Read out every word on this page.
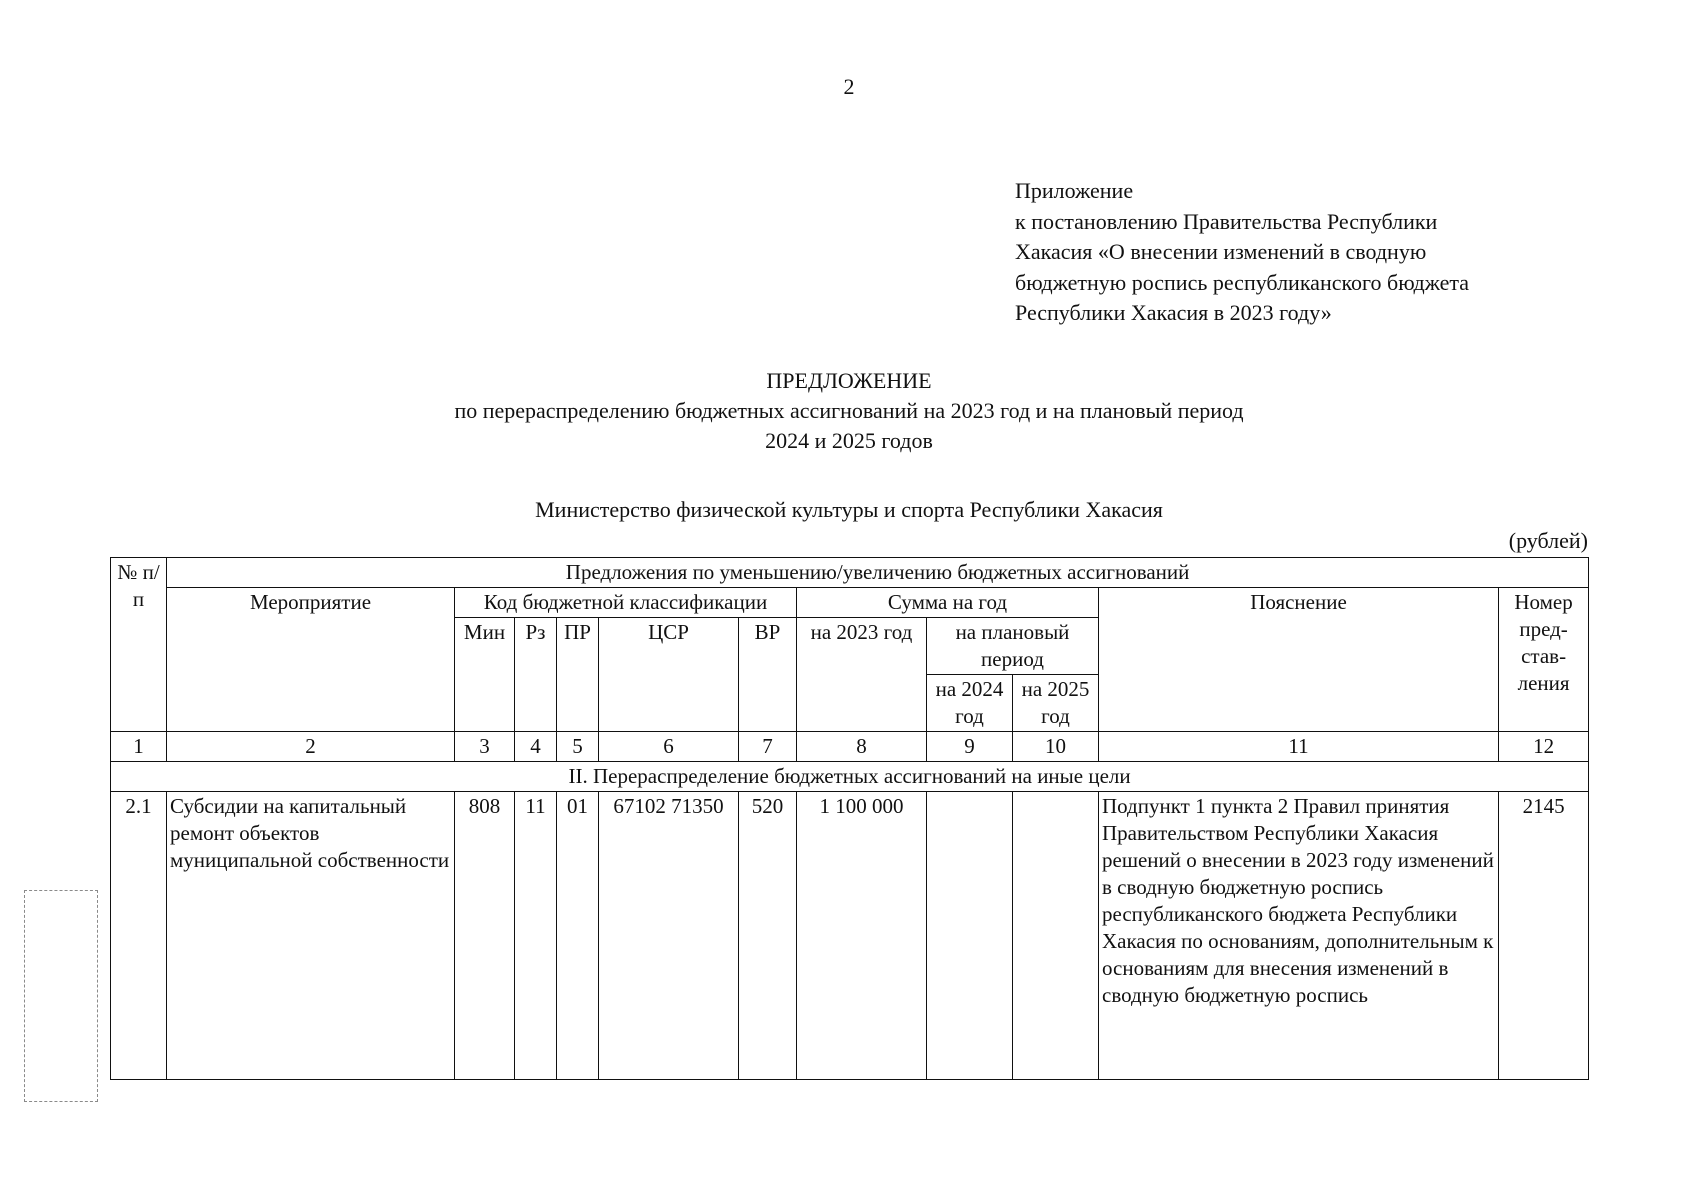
2
Приложение
к постановлению Правительства Республики
Хакасия «О внесении изменений в сводную
бюджетную роспись республиканского бюджета
Республики Хакасия в 2023 году»
ПРЕДЛОЖЕНИЕ
по перераспределению бюджетных ассигнований на 2023 год и на плановый период
2024 и 2025 годов
Министерство физической культуры и спорта Республики Хакасия
(рублей)
№ п/п	Предложения по уменьшению/увеличению бюджетных ассигнований										
	Мероприятие	Код бюджетной классификации					Сумма на год			Пояснение	Номер пред-став-ления
		Мин	Рз	ПР	ЦСР	ВР	на 2023 год	на плановый период			
								на 2024 год	на 2025 год		

1	2	3	4	5	6	7	8	9	10	11	12
II. Перераспределение бюджетных ассигнований на иные цели											
2.1	Субсидии на капитальный ремонт объектов муниципальной собственности	808	11	01	67102 71350	520	1 100 000			Подпункт 1 пункта 2 Правил принятия Правительством Республики Хакасия решений о внесении в 2023 году изменений в сводную бюджетную роспись республиканского бюджета Республики Хакасия по основаниям, дополнительным к основаниям для внесения изменений в сводную бюджетную роспись	2145
